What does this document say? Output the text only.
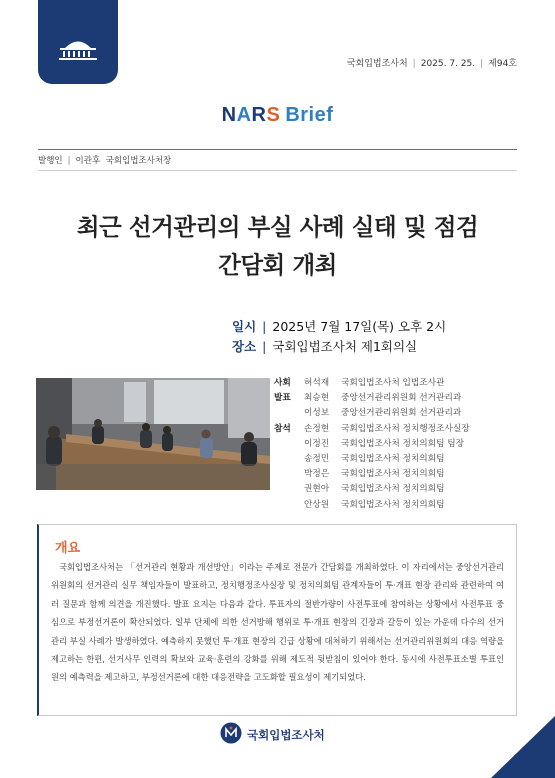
국회입법조사처 | 2025. 7. 25. | 제94호
NARS Brief
발행인 | 이관후 국회입법조사처장
최근 선거관리의 부실 사례 실태 및 점검
간담회 개최
일시 | 2025년 7월 17일(목) 오후 2시
장소 | 국회입법조사처 제1회의실
사회 허석재 국회입법조사처 입법조사관
발표 최승현 중앙선거관리위원회 선거관리과
이성보 중앙선거관리위원회 선거관리과
참석 손정현 국회입법조사처 정치행정조사실장
이정진 국회입법조사처 정치의회팀 팀장
송정민 국회입법조사처 정치의회팀
박정은 국회입법조사처 정치의회팀
권현아 국회입법조사처 정치의회팀
안상원 국회입법조사처 정치의회팀
개요

국회입법조사처는 「선거관리 현황과 개선방안」이라는 주제로 전문가 간담회를 개최하였다. 이 자리에서는 중앙선거관리위원회의 선거관리 실무 책임자들이 발표하고, 정치행정조사실장 및 정치의회팀 관계자들이 투·개표 현장 관리와 관련하여 여러 질문과 함께 의견을 개진했다. 발표 요지는 다음과 같다. 투표자의 절반가량이 사전투표에 참여하는 상황에서 사전투표 중심으로 부정선거론이 확산되었다. 일부 단체에 의한 선거방해 행위로 투·개표 현장의 긴장과 갈등이 있는 가운데 다수의 선거관리 부실 사례가 발생하였다. 예측하지 못했던 투·개표 현장의 긴급 상황에 대처하기 위해서는 선거관리위원회의 대응 역량을 제고하는 한편, 선거사무 인력의 확보와 교육·훈련의 강화를 위해 제도적 뒷받침이 있어야 한다. 동시에 사전투표소별 투표인원의 예측력을 제고하고, 부정선거론에 대한 대응전략을 고도화할 필요성이 제기되었다.

국회입법조사처
